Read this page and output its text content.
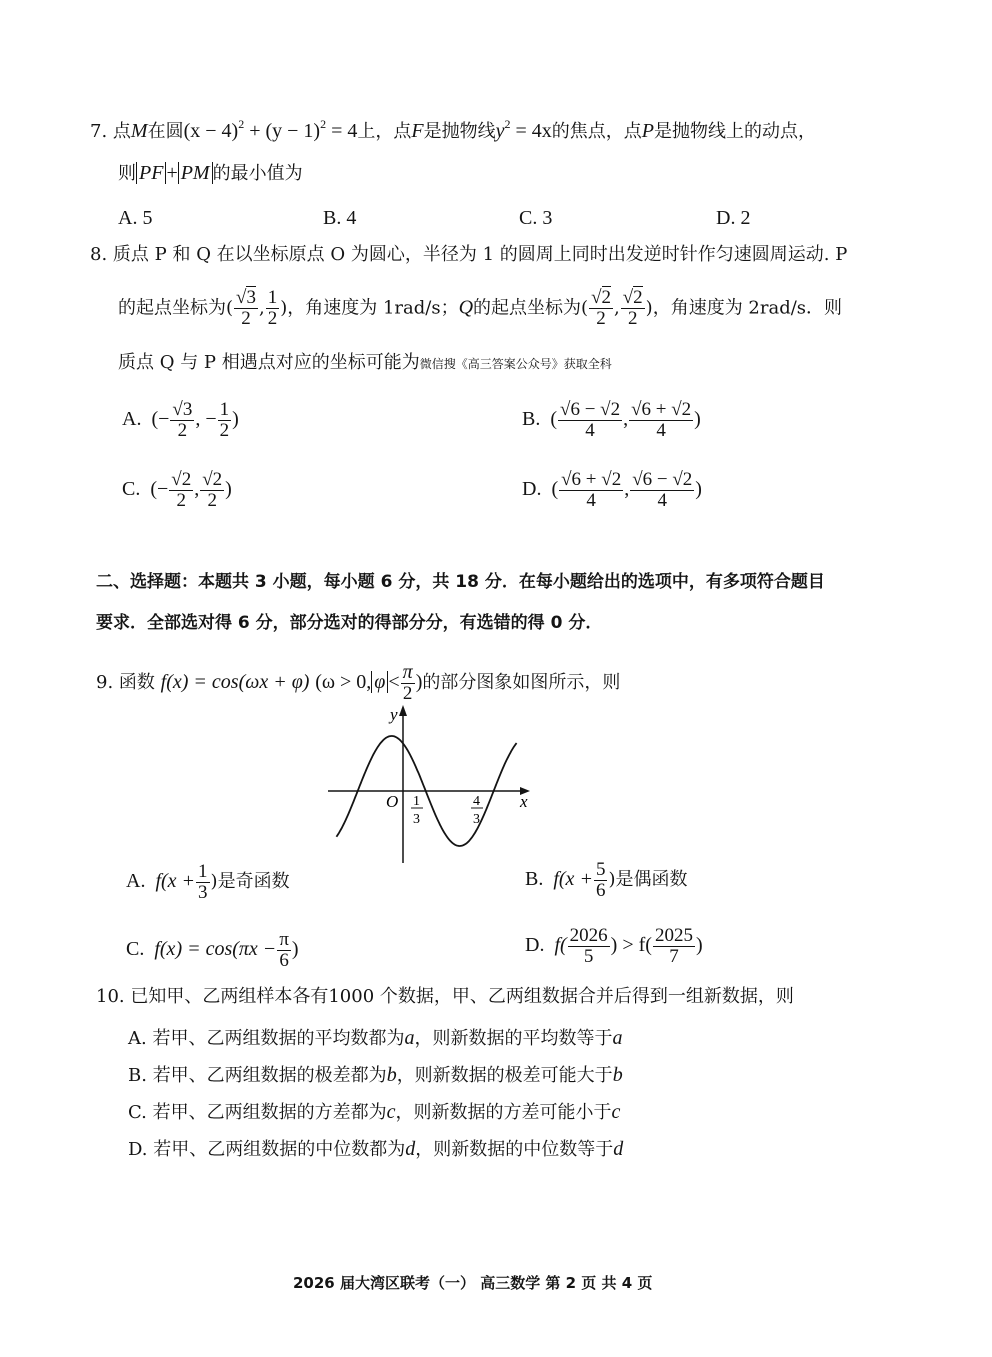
7. 点M在圆$(x - 4)^2 + (y - 1)^2 = 4$上，点F是抛物线$y^2 = 4x$的焦点，点P是抛物线上的动点，
则 PF + PM 的最小值为
A. 5	B. 4	C. 3	D. 2
8. 质点 P 和 Q 在以坐标原点 O 为圆心，半径为 1 的圆周上同时出发逆时针作匀速圆周运动. P
的起点坐标为( √ $\frac{3}{2}$ , $\frac{1}{2}$ )，角速度为 1rad/s；Q的起点坐标为( √ $\frac{2}{2}$ , √ $\frac{2}{2}$ )，角速度为 2rad/s．则
质点 Q 与 P 相遇点对应的坐标可能为微信搜《高三答案公众号》获取全科
A.  (− $\frac{√3}{2}$ , − $\frac{1}{2}$ )	B.  ( $\frac{√6 - √2}{4}$ , $\frac{√6 + √2}{4}$ )
C.  (− $\frac{√2}{2}$ , $\frac{√2}{2}$ )	D.  ( $\frac{√6 + √2}{4}$ , $\frac{√6 - √2}{4}$ )
二、选择题：本题共 3 小题，每小题 6 分，共 18 分．在每小题给出的选项中，有多项符合题目
要求．全部选对得 6 分，部分选对的得部分分，有选错的得 0 分．
9. 函数 f(x) = cos(ωx + φ) (ω > 0, $\varphi < \frac{\pi}{2}$ )的部分图象如图所示，则
y
x
O 1
3
4
3
A. $f(x + \frac{1}{3}$ )是奇函数	B. $f(x + \frac{5}{6}$ )是偶函数
C. $f(x) = \cos(\pi x - \frac{\pi}{6}$ )	D. $f( \frac{2026}{5}$ ) > $f( \frac{2025}{7}$ )
10. 已知甲、乙两组样本各有1000 个数据，甲、乙两组数据合并后得到一组新数据，则
A. 若甲、乙两组数据的平均数都为a，则新数据的平均数等于a
B. 若甲、乙两组数据的极差都为b，则新数据的极差可能大于b
C. 若甲、乙两组数据的方差都为c，则新数据的方差可能小于c
D. 若甲、乙两组数据的中位数都为d，则新数据的中位数等于d
2026 届大湾区联考（一） 高三数学 第 2 页 共 4 页
